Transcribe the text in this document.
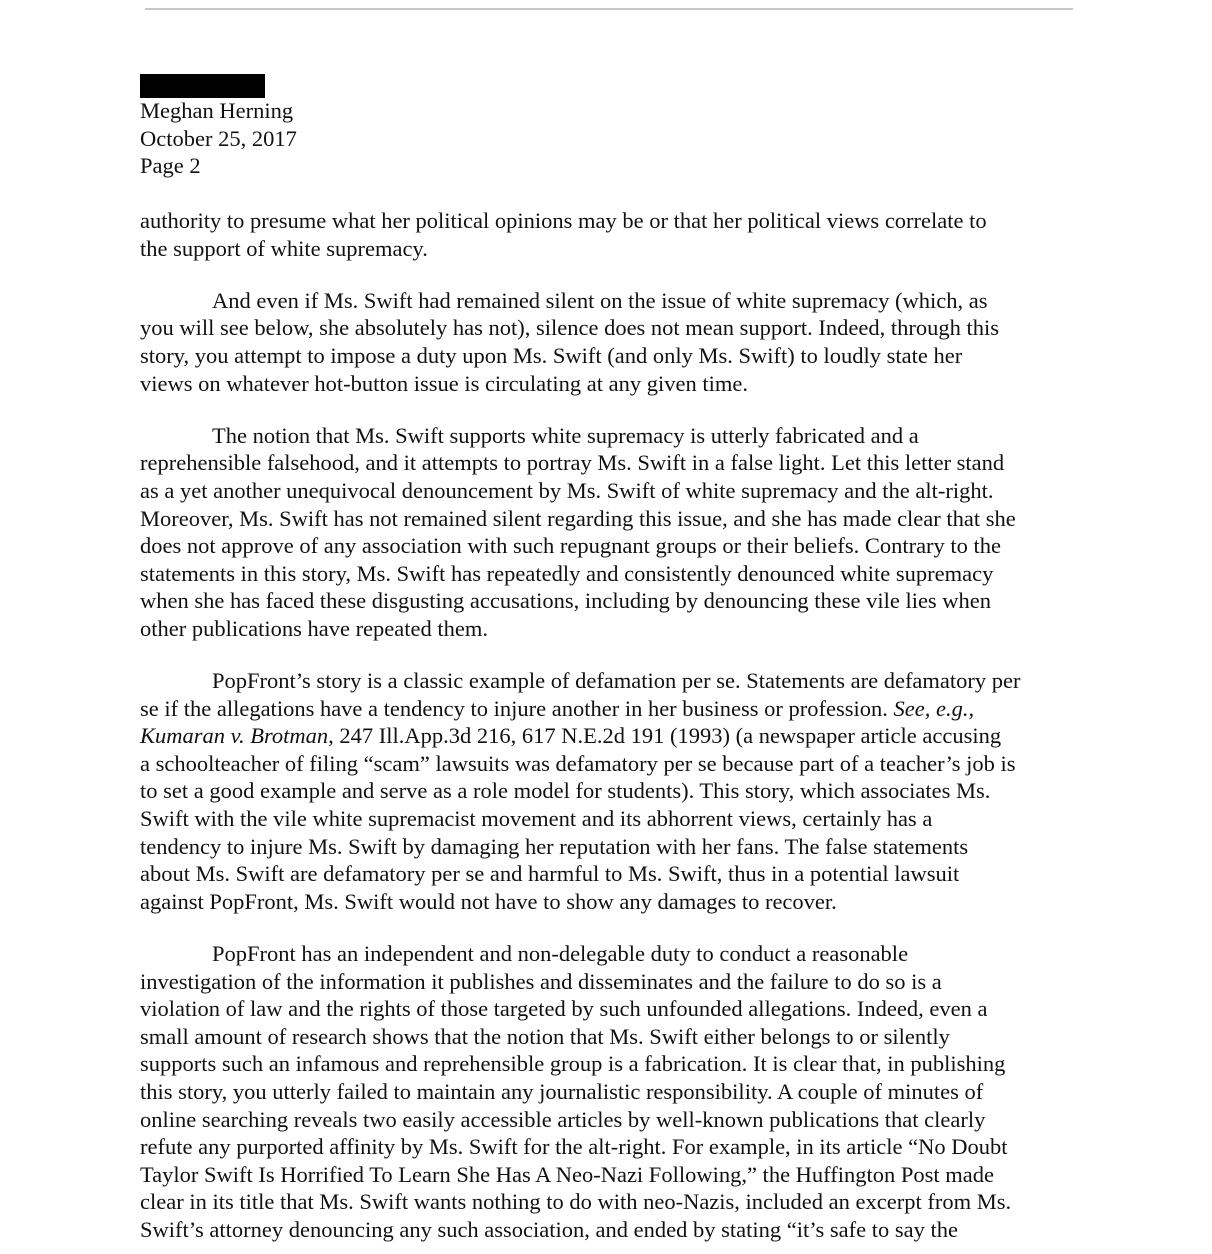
Meghan Herning
October 25, 2017
Page 2
authority to presume what her political opinions may be or that her political views correlate to
the support of white supremacy.
And even if Ms. Swift had remained silent on the issue of white supremacy (which, as
you will see below, she absolutely has not), silence does not mean support. Indeed, through this
story, you attempt to impose a duty upon Ms. Swift (and only Ms. Swift) to loudly state her
views on whatever hot-button issue is circulating at any given time.
The notion that Ms. Swift supports white supremacy is utterly fabricated and a
reprehensible falsehood, and it attempts to portray Ms. Swift in a false light. Let this letter stand
as a yet another unequivocal denouncement by Ms. Swift of white supremacy and the alt-right.
Moreover, Ms. Swift has not remained silent regarding this issue, and she has made clear that she
does not approve of any association with such repugnant groups or their beliefs. Contrary to the
statements in this story, Ms. Swift has repeatedly and consistently denounced white supremacy
when she has faced these disgusting accusations, including by denouncing these vile lies when
other publications have repeated them.
PopFront’s story is a classic example of defamation per se. Statements are defamatory per
se if the allegations have a tendency to injure another in her business or profession. See, e.g.,
Kumaran v. Brotman, 247 Ill.App.3d 216, 617 N.E.2d 191 (1993) (a newspaper article accusing
a schoolteacher of filing “scam” lawsuits was defamatory per se because part of a teacher’s job is
to set a good example and serve as a role model for students). This story, which associates Ms.
Swift with the vile white supremacist movement and its abhorrent views, certainly has a
tendency to injure Ms. Swift by damaging her reputation with her fans. The false statements
about Ms. Swift are defamatory per se and harmful to Ms. Swift, thus in a potential lawsuit
against PopFront, Ms. Swift would not have to show any damages to recover.
PopFront has an independent and non-delegable duty to conduct a reasonable
investigation of the information it publishes and disseminates and the failure to do so is a
violation of law and the rights of those targeted by such unfounded allegations. Indeed, even a
small amount of research shows that the notion that Ms. Swift either belongs to or silently
supports such an infamous and reprehensible group is a fabrication. It is clear that, in publishing
this story, you utterly failed to maintain any journalistic responsibility. A couple of minutes of
online searching reveals two easily accessible articles by well-known publications that clearly
refute any purported affinity by Ms. Swift for the alt-right. For example, in its article “No Doubt
Taylor Swift Is Horrified To Learn She Has A Neo-Nazi Following,” the Huffington Post made
clear in its title that Ms. Swift wants nothing to do with neo-Nazis, included an excerpt from Ms.
Swift’s attorney denouncing any such association, and ended by stating “it’s safe to say the
